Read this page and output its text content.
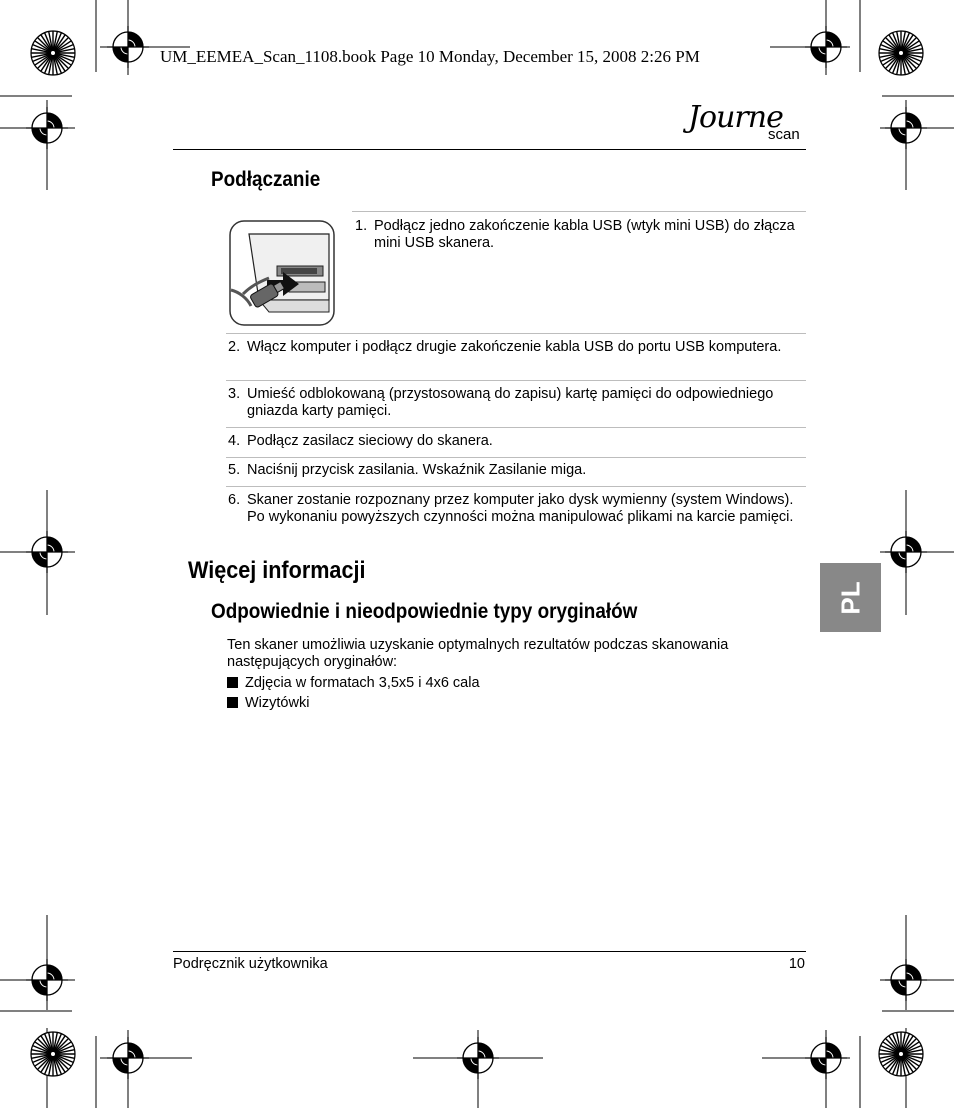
UM_EEMEA_Scan_1108.book Page 10 Monday, December 15, 2008 2:26 PM
Journe
scan
Podłączanie
1. Podłącz jedno zakończenie kabla USB (wtyk mini USB) do złącza mini USB skanera.
2. Włącz komputer i podłącz drugie zakończenie kabla USB do portu USB komputera.
3. Umieść odblokowaną (przystosowaną do zapisu) kartę pamięci do odpowiedniego gniazda karty pamięci.
4. Podłącz zasilacz sieciowy do skanera.
5. Naciśnij przycisk zasilania. Wskaźnik Zasilanie miga.
6. Skaner zostanie rozpoznany przez komputer jako dysk wymienny (system Windows). Po wykonaniu powyższych czynności można manipulować plikami na karcie pamięci.
Więcej informacji
Odpowiednie i nieodpowiednie typy oryginałów
Ten skaner umożliwia uzyskanie optymalnych rezultatów podczas skanowania następujących oryginałów:
Zdjęcia w formatach 3,5x5 i 4x6 cala
Wizytówki
PL
Podręcznik użytkownika	10
